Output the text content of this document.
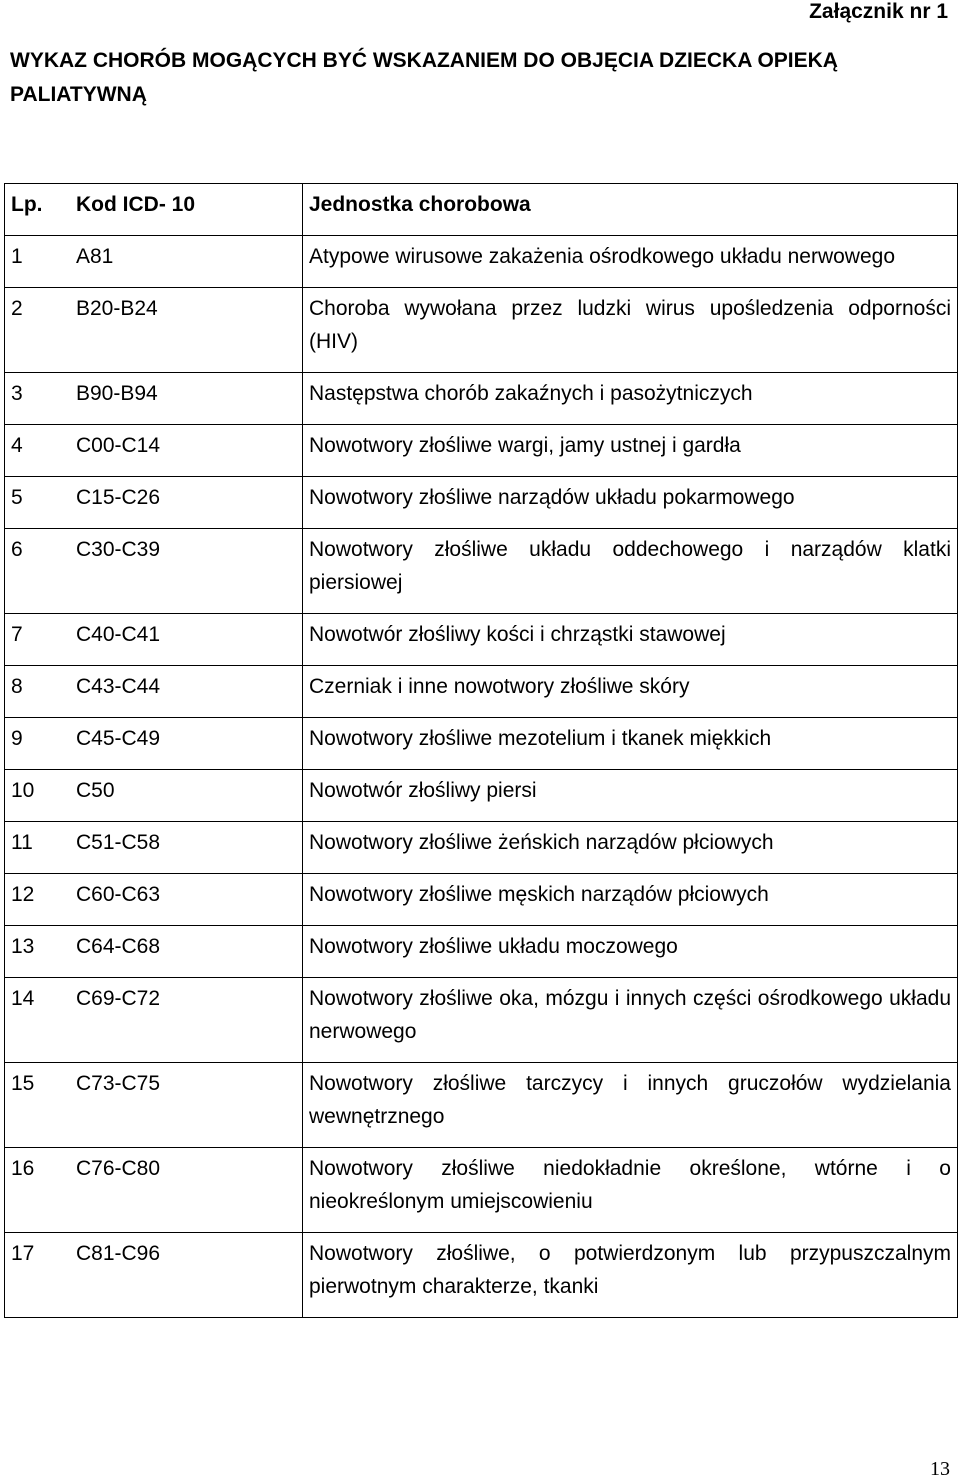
Załącznik nr 1
WYKAZ CHORÓB MOGĄCYCH BYĆ WSKAZANIEM DO OBJĘCIA DZIECKA OPIEKĄ PALIATYWNĄ
Lp.	Kod ICD- 10	Jednostka chorobowa
1	A81	Atypowe wirusowe zakażenia ośrodkowego układu nerwowego
2	B20-B24	Choroba wywołana przez ludzki wirus upośledzenia odporności (HIV)
3	B90-B94	Następstwa chorób zakaźnych i pasożytniczych
4	C00-C14	Nowotwory złośliwe wargi, jamy ustnej i gardła
5	C15-C26	Nowotwory złośliwe narządów układu pokarmowego
6	C30-C39	Nowotwory złośliwe układu oddechowego i narządów klatki piersiowej
7	C40-C41	Nowotwór złośliwy kości i chrząstki stawowej
8	C43-C44	Czerniak i inne nowotwory złośliwe skóry
9	C45-C49	Nowotwory złośliwe mezotelium i tkanek miękkich
10	C50	Nowotwór złośliwy piersi
11	C51-C58	Nowotwory złośliwe żeńskich narządów płciowych
12	C60-C63	Nowotwory złośliwe męskich narządów płciowych
13	C64-C68	Nowotwory złośliwe układu moczowego
14	C69-C72	Nowotwory złośliwe oka, mózgu i innych części ośrodkowego układu nerwowego
15	C73-C75	Nowotwory złośliwe tarczycy i innych gruczołów wydzielania wewnętrznego
16	C76-C80	Nowotwory złośliwe niedokładnie określone, wtórne i o nieokreślonym umiejscowieniu
17	C81-C96	Nowotwory złośliwe, o potwierdzonym lub przypuszczalnym pierwotnym charakterze, tkanki
13
